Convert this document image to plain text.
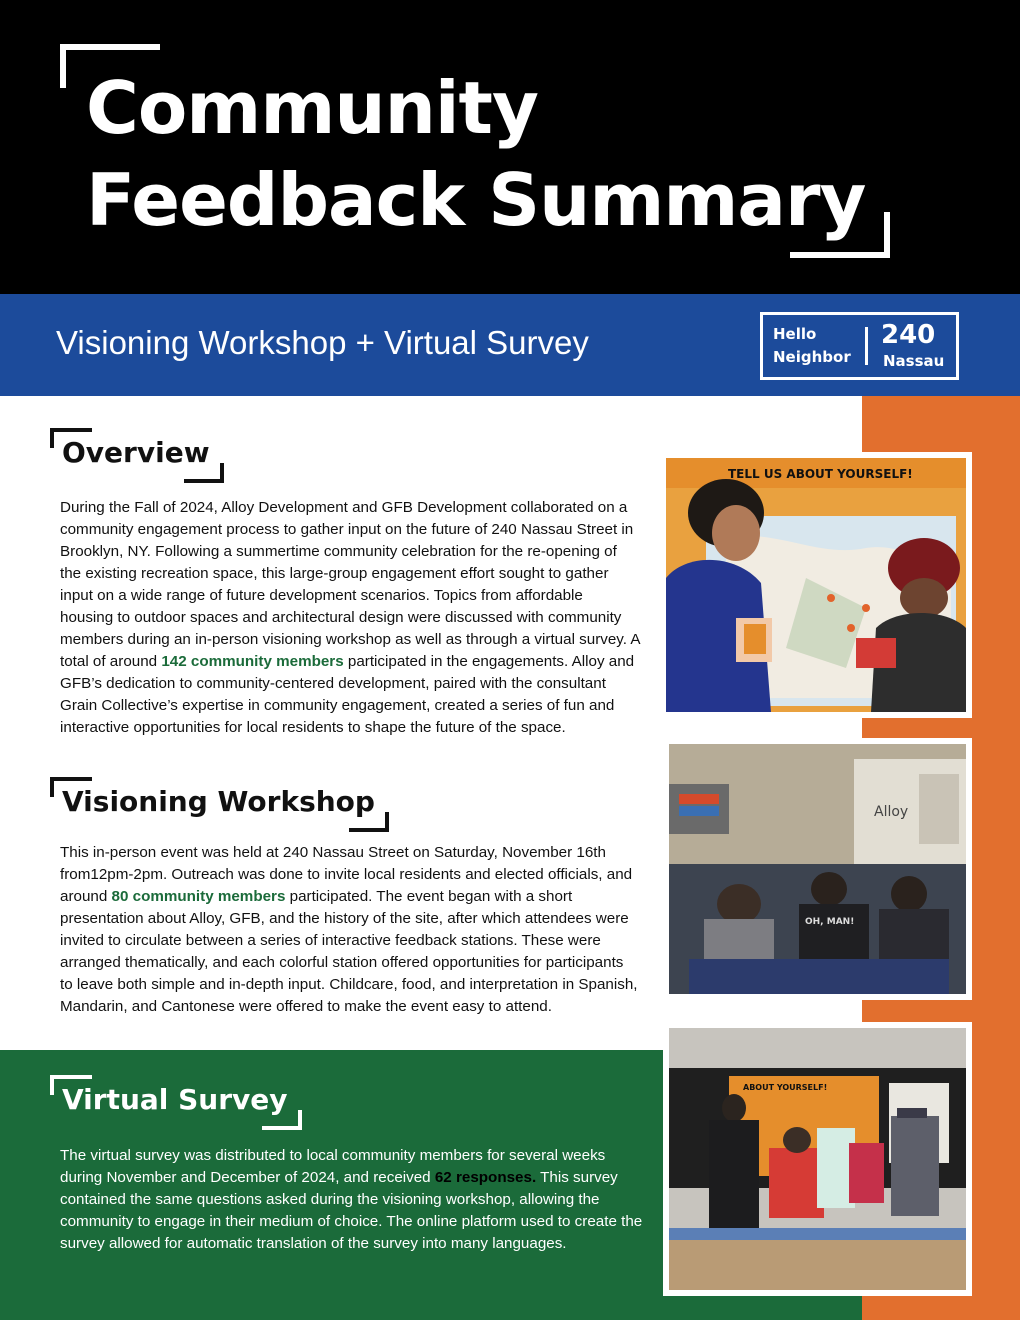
Community
Feedback Summary
Visioning Workshop + Virtual Survey	Hello
Neighbor
240
Nassau
Overview

During the Fall of 2024, Alloy Development and GFB Development collaborated on a community engagement process to gather input on the future of 240 Nassau Street in Brooklyn, NY. Following a summertime community celebration for the re-opening of the existing recreation space, this large-group engagement effort sought to gather input on a wide range of future development scenarios. Topics from affordable housing to outdoor spaces and architectural design were discussed with community members during an in-person visioning workshop as well as through a virtual survey. A total of around 142 community members participated in the engagements. Alloy and GFB’s dedication to community-centered development, paired with the consultant Grain Collective’s expertise in community engagement, created a series of fun and interactive opportunities for local residents to shape the future of the space.

Visioning Workshop

This in-person event was held at 240 Nassau Street on Saturday, November 16th from12pm-2pm. Outreach was done to invite local residents and elected officials, and around 80 community members participated. The event began with a short presentation about Alloy, GFB, and the history of the site, after which attendees were invited to circulate between a series of interactive feedback stations. These were arranged thematically, and each colorful station offered opportunities for participants to leave both simple and in-depth input. Childcare, food, and interpretation in Spanish, Mandarin, and Cantonese were offered to make the event easy to attend.

Virtual Survey

The virtual survey was distributed to local community members for several weeks during November and December of 2024, and received 62 responses. This survey contained the same questions asked during the visioning workshop, allowing the community to engage in their medium of choice. The online platform used to create the survey allowed for automatic translation of the survey into many languages.

TELL US ABOUT YOURSELF!
Alloy
OH, MAN!
ABOUT YOURSELF!
